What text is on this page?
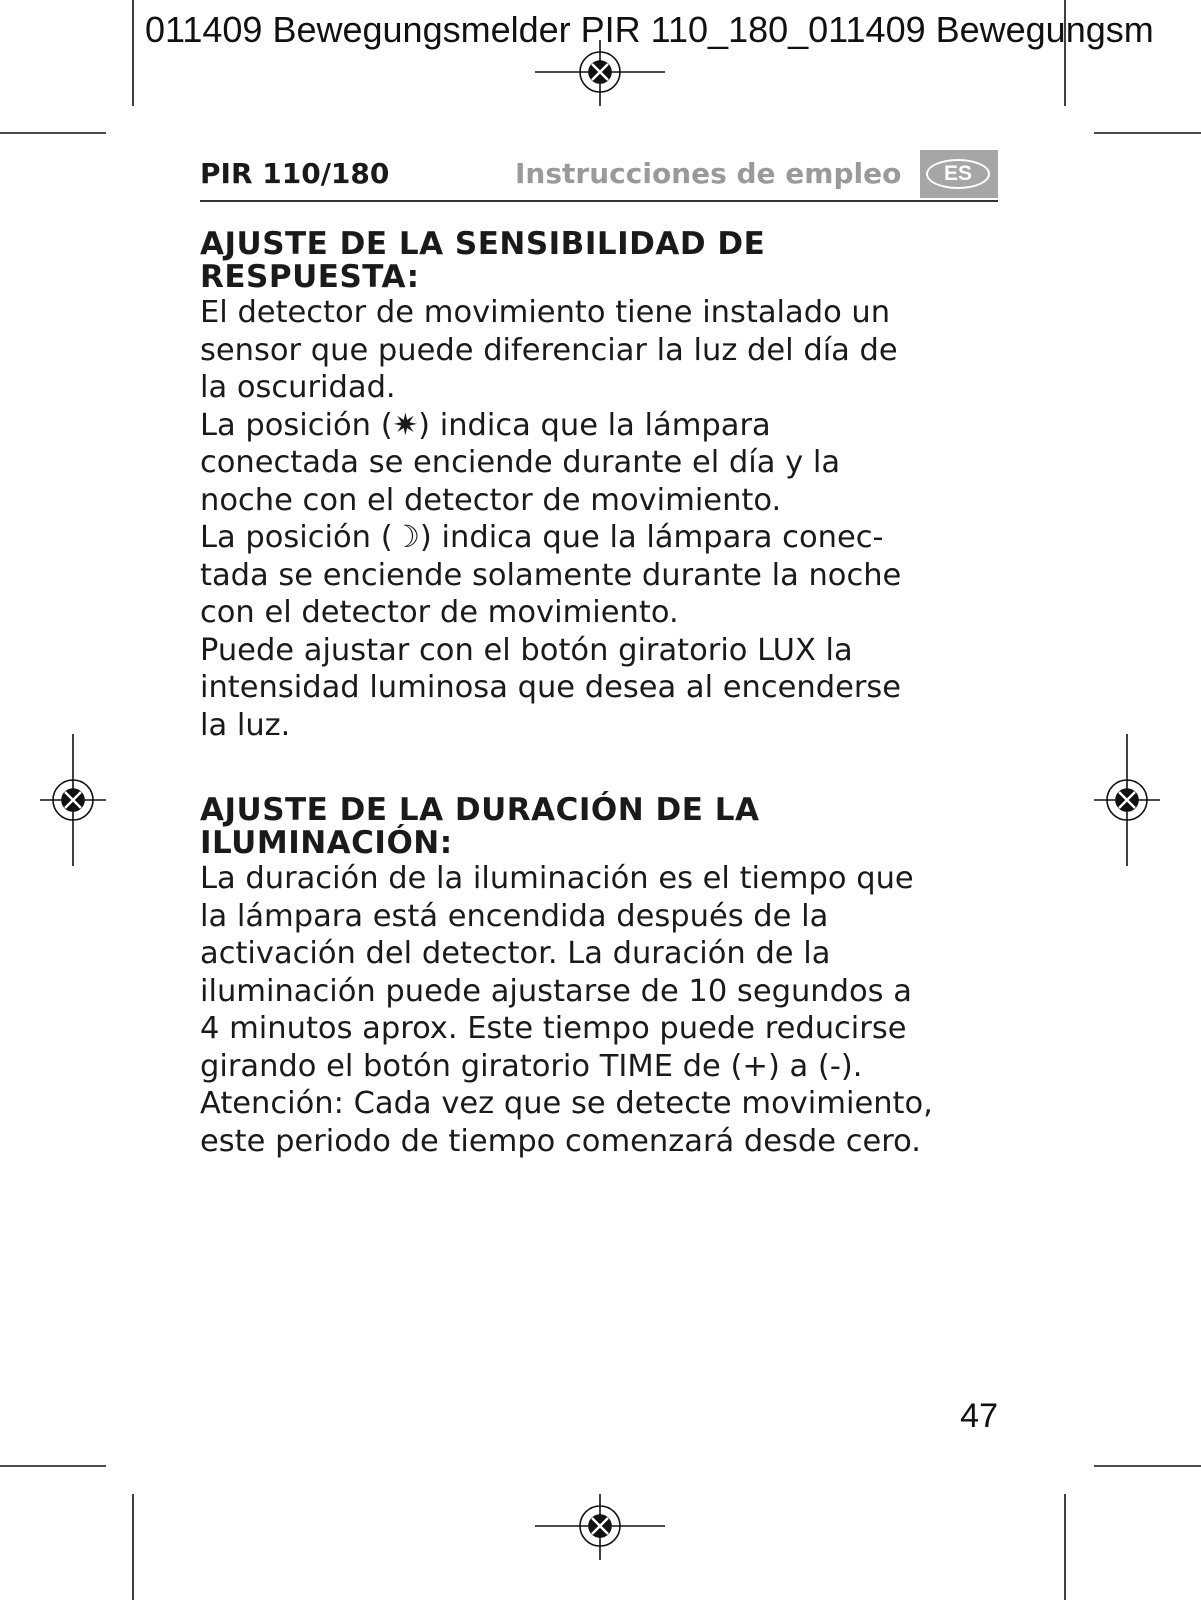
011409 Bewegungsmelder PIR 110_180_011409 Bewegungsm
PIR 110/180	Instrucciones de empleo	ES
AJUSTE DE LA SENSIBILIDAD DE
RESPUESTA:

El detector de movimiento tiene instalado un
sensor que puede diferenciar la luz del día de
la oscuridad.
La posición (✷) indica que la lámpara
conectada se enciende durante el día y la
noche con el detector de movimiento.
La posición (☽) indica que la lámpara conec-
tada se enciende solamente durante la noche
con el detector de movimiento.
Puede ajustar con el botón giratorio LUX la
intensidad luminosa que desea al encenderse
la luz.

AJUSTE DE LA DURACIÓN DE LA
ILUMINACIÓN:

La duración de la iluminación es el tiempo que
la lámpara está encendida después de la
activación del detector. La duración de la
iluminación puede ajustarse de 10 segundos a
4 minutos aprox. Este tiempo puede reducirse
girando el botón giratorio TIME de (+) a (-).
Atención: Cada vez que se detecte movimiento,
este periodo de tiempo comenzará desde cero.

47
